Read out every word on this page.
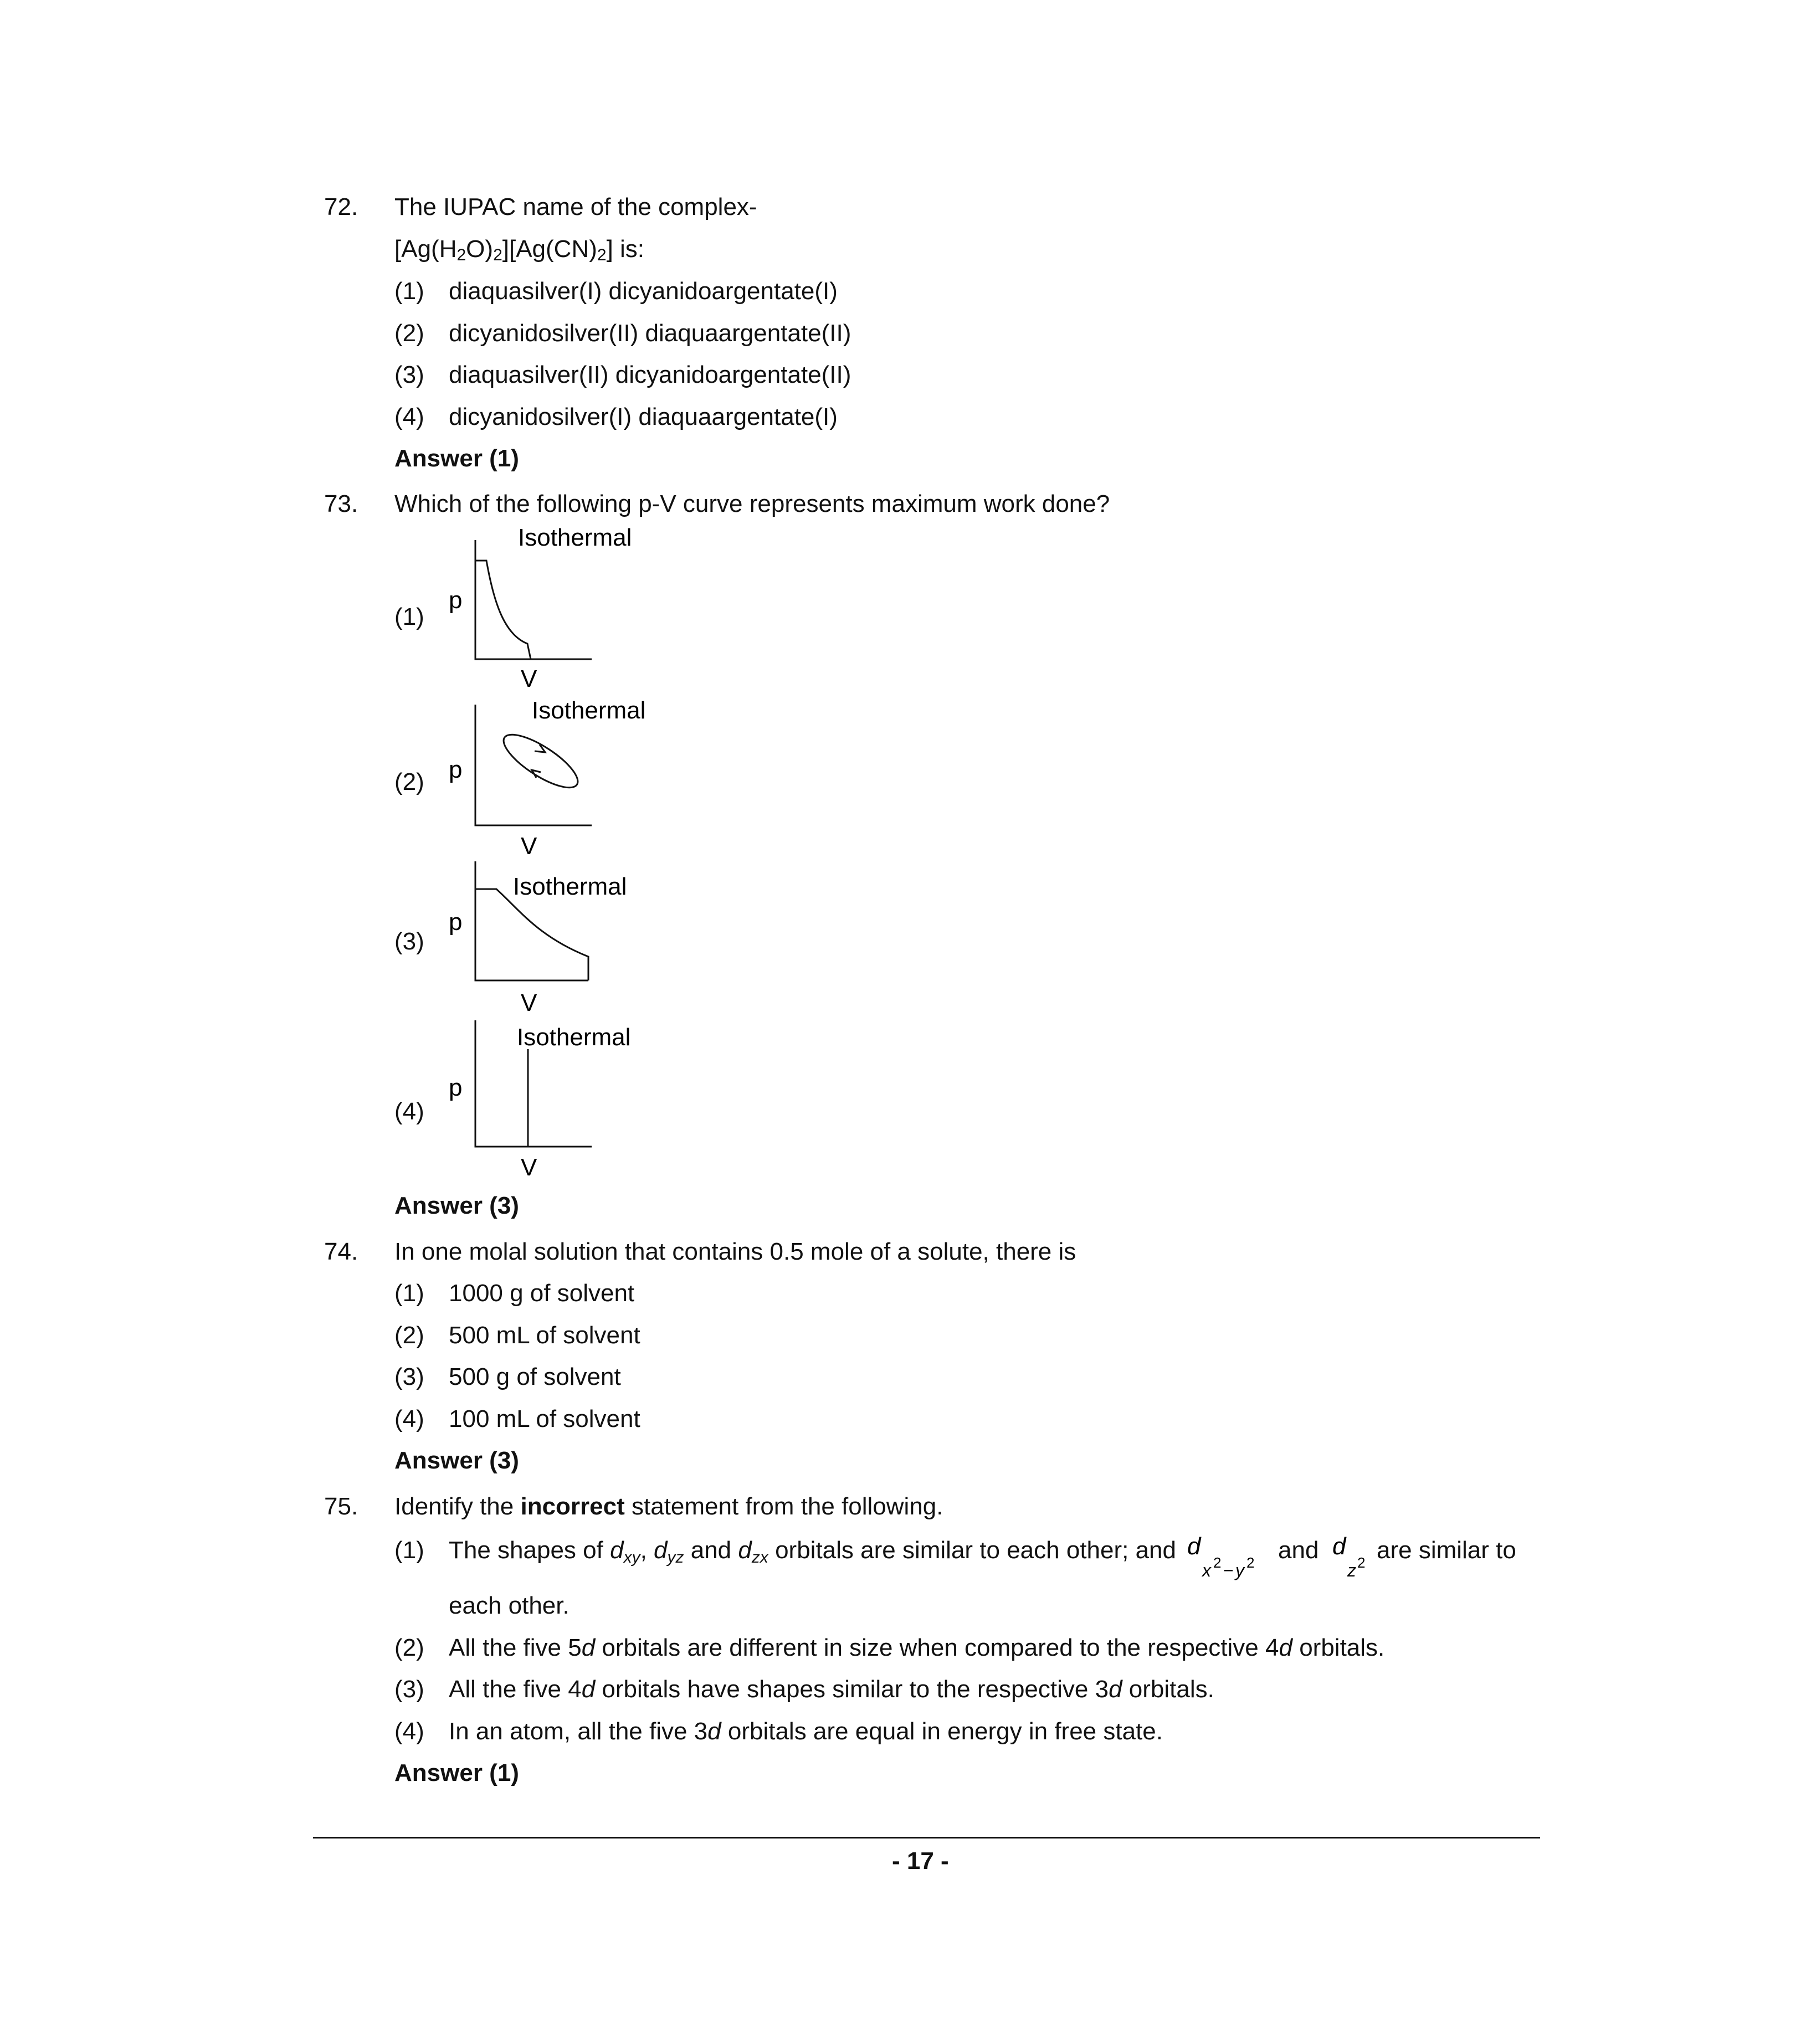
72. The IUPAC name of the complex-
[Ag(H2O)2][Ag(CN)2] is:
(1) diaquasilver(I) dicyanidoargentate(I)
(2) dicyanidosilver(II) diaquaargentate(II)
(3) diaquasilver(II) dicyanidoargentate(II)
(4) dicyanidosilver(I) diaquaargentate(I)
Answer (1)
73. Which of the following p-V curve represents maximum work done?
(1)
Isothermal
p
V
(2)
Isothermal
p
V
(3)
Isothermal
p
V
(4)
Isothermal
p
V
Answer (3)
74. In one molal solution that contains 0.5 mole of a solute, there is
(1) 1000 g of solvent
(2) 500 mL of solvent
(3) 500 g of solvent
(4) 100 mL of solvent
Answer (3)
75. Identify the incorrect statement from the following.
(1) The shapes of dxy, dyz and dzx orbitals are similar to each other; and d
x 2 − y 2 and d
z 2 are similar to
each other.
(2) All the five 5d orbitals are different in size when compared to the respective 4d orbitals.
(3) All the five 4d orbitals have shapes similar to the respective 3d orbitals.
(4) In an atom, all the five 3d orbitals are equal in energy in free state.
Answer (1)
- 17 -
